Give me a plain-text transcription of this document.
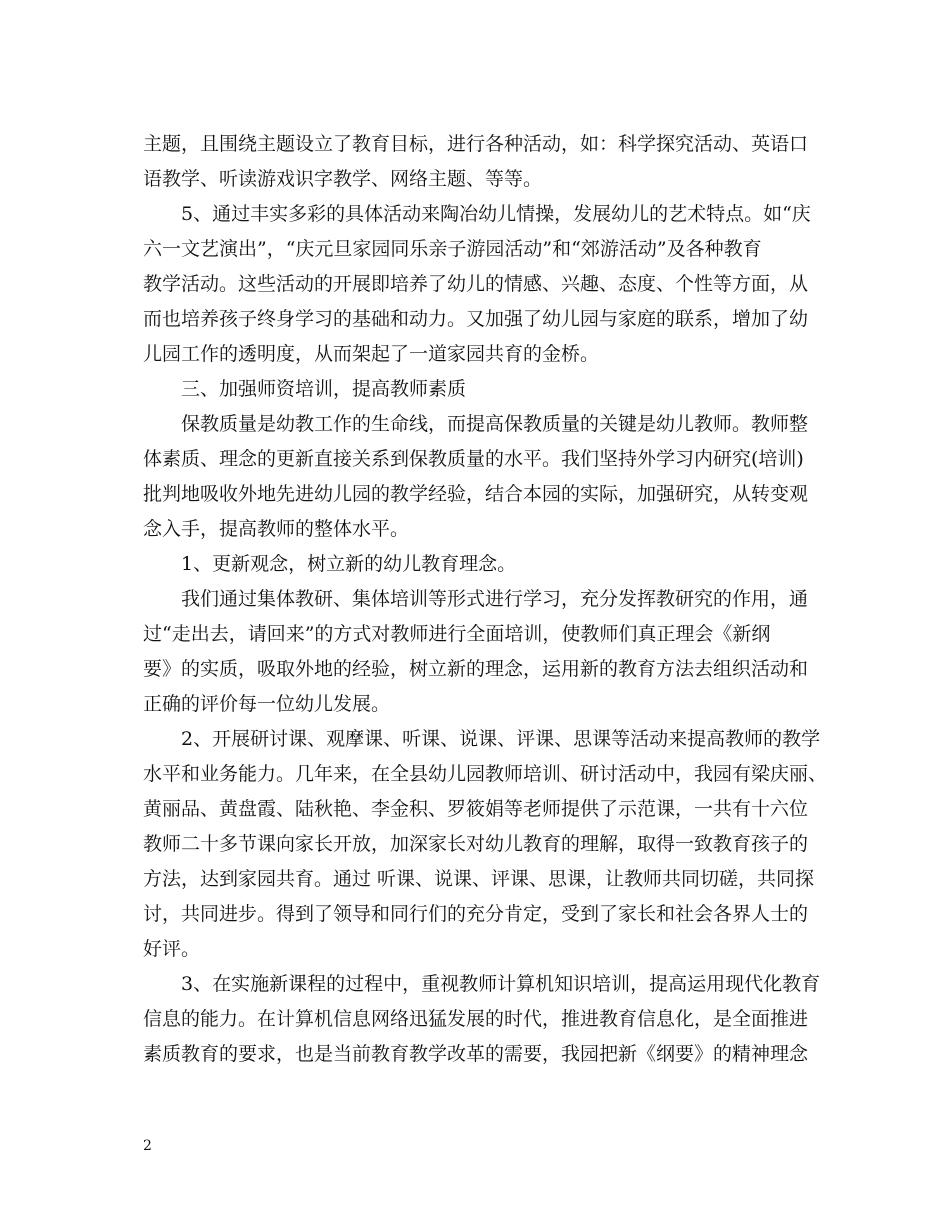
主题，且围绕主题设立了教育目标，进行各种活动，如：科学探究活动、英语口
语教学、听读游戏识字教学、网络主题、等等。
5、通过丰实多彩的具体活动来陶冶幼儿情操，发展幼儿的艺术特点。如“庆
六一文艺演出”，“庆元旦家园同乐亲子游园活动”和“郊游活动”及各种教育
教学活动。这些活动的开展即培养了幼儿的情感、兴趣、态度、个性等方面，从
而也培养孩子终身学习的基础和动力。又加强了幼儿园与家庭的联系，增加了幼
儿园工作的透明度，从而架起了一道家园共育的金桥。
三、加强师资培训，提高教师素质
保教质量是幼教工作的生命线，而提高保教质量的关键是幼儿教师。教师整
体素质、理念的更新直接关系到保教质量的水平。我们坚持外学习内研究(培训)
批判地吸收外地先进幼儿园的教学经验，结合本园的实际，加强研究，从转变观
念入手，提高教师的整体水平。
1、更新观念，树立新的幼儿教育理念。
我们通过集体教研、集体培训等形式进行学习，充分发挥教研究的作用，通
过“走出去，请回来”的方式对教师进行全面培训，使教师们真正理会《新纲
要》的实质，吸取外地的经验，树立新的理念，运用新的教育方法去组织活动和
正确的评价每一位幼儿发展。
2、开展研讨课、观摩课、听课、说课、评课、思课等活动来提高教师的教学
水平和业务能力。几年来，在全县幼儿园教师培训、研讨活动中，我园有梁庆丽、
黄丽品、黄盘霞、陆秋艳、李金积、罗筱娟等老师提供了示范课，一共有十六位
教师二十多节课向家长开放，加深家长对幼儿教育的理解，取得一致教育孩子的
方法，达到家园共育。通过 听课、说课、评课、思课，让教师共同切磋，共同探
讨，共同进步。得到了领导和同行们的充分肯定，受到了家长和社会各界人士的
好评。
3、在实施新课程的过程中，重视教师计算机知识培训，提高运用现代化教育
信息的能力。在计算机信息网络迅猛发展的时代，推进教育信息化，是全面推进
素质教育的要求，也是当前教育教学改革的需要，我园把新《纲要》的精神理念
2
